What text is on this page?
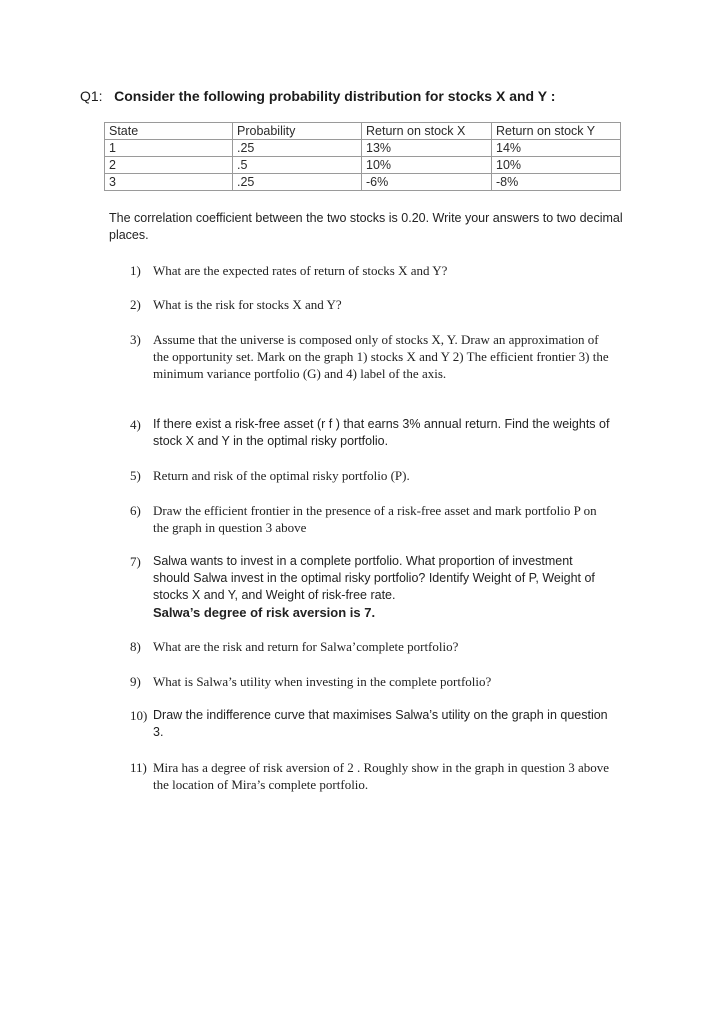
Q1: Consider the following probability distribution for stocks X and Y :
State	Probability	Return on stock X	Return on stock Y
1	.25	13%	14%
2	.5	10%	10%
3	.25	-6%	-8%
The correlation coefficient between the two stocks is 0.20. Write your answers to two decimal places.
1) What are the expected rates of return of stocks X and Y?
2) What is the risk for stocks X and Y?
3) Assume that the universe is composed only of stocks X, Y. Draw an approximation of the opportunity set. Mark on the graph 1) stocks X and Y 2) The efficient frontier 3) the minimum variance portfolio (G) and 4) label of the axis.
4) If there exist a risk-free asset (r f ) that earns 3% annual return. Find the weights of stock X and Y in the optimal risky portfolio.
5) Return and risk of the optimal risky portfolio (P).
6) Draw the efficient frontier in the presence of a risk-free asset and mark portfolio P on the graph in question 3 above
7) Salwa wants to invest in a complete portfolio. What proportion of investment should Salwa invest in the optimal risky portfolio? Identify Weight of P, Weight of stocks X and Y, and Weight of risk-free rate.
Salwa’s degree of risk aversion is 7.
8) What are the risk and return for Salwa’complete portfolio?
9) What is Salwa’s utility when investing in the complete portfolio?
10) Draw the indifference curve that maximises Salwa’s utility on the graph in question 3.
11) Mira has a degree of risk aversion of 2 . Roughly show in the graph in question 3 above the location of Mira’s complete portfolio.
